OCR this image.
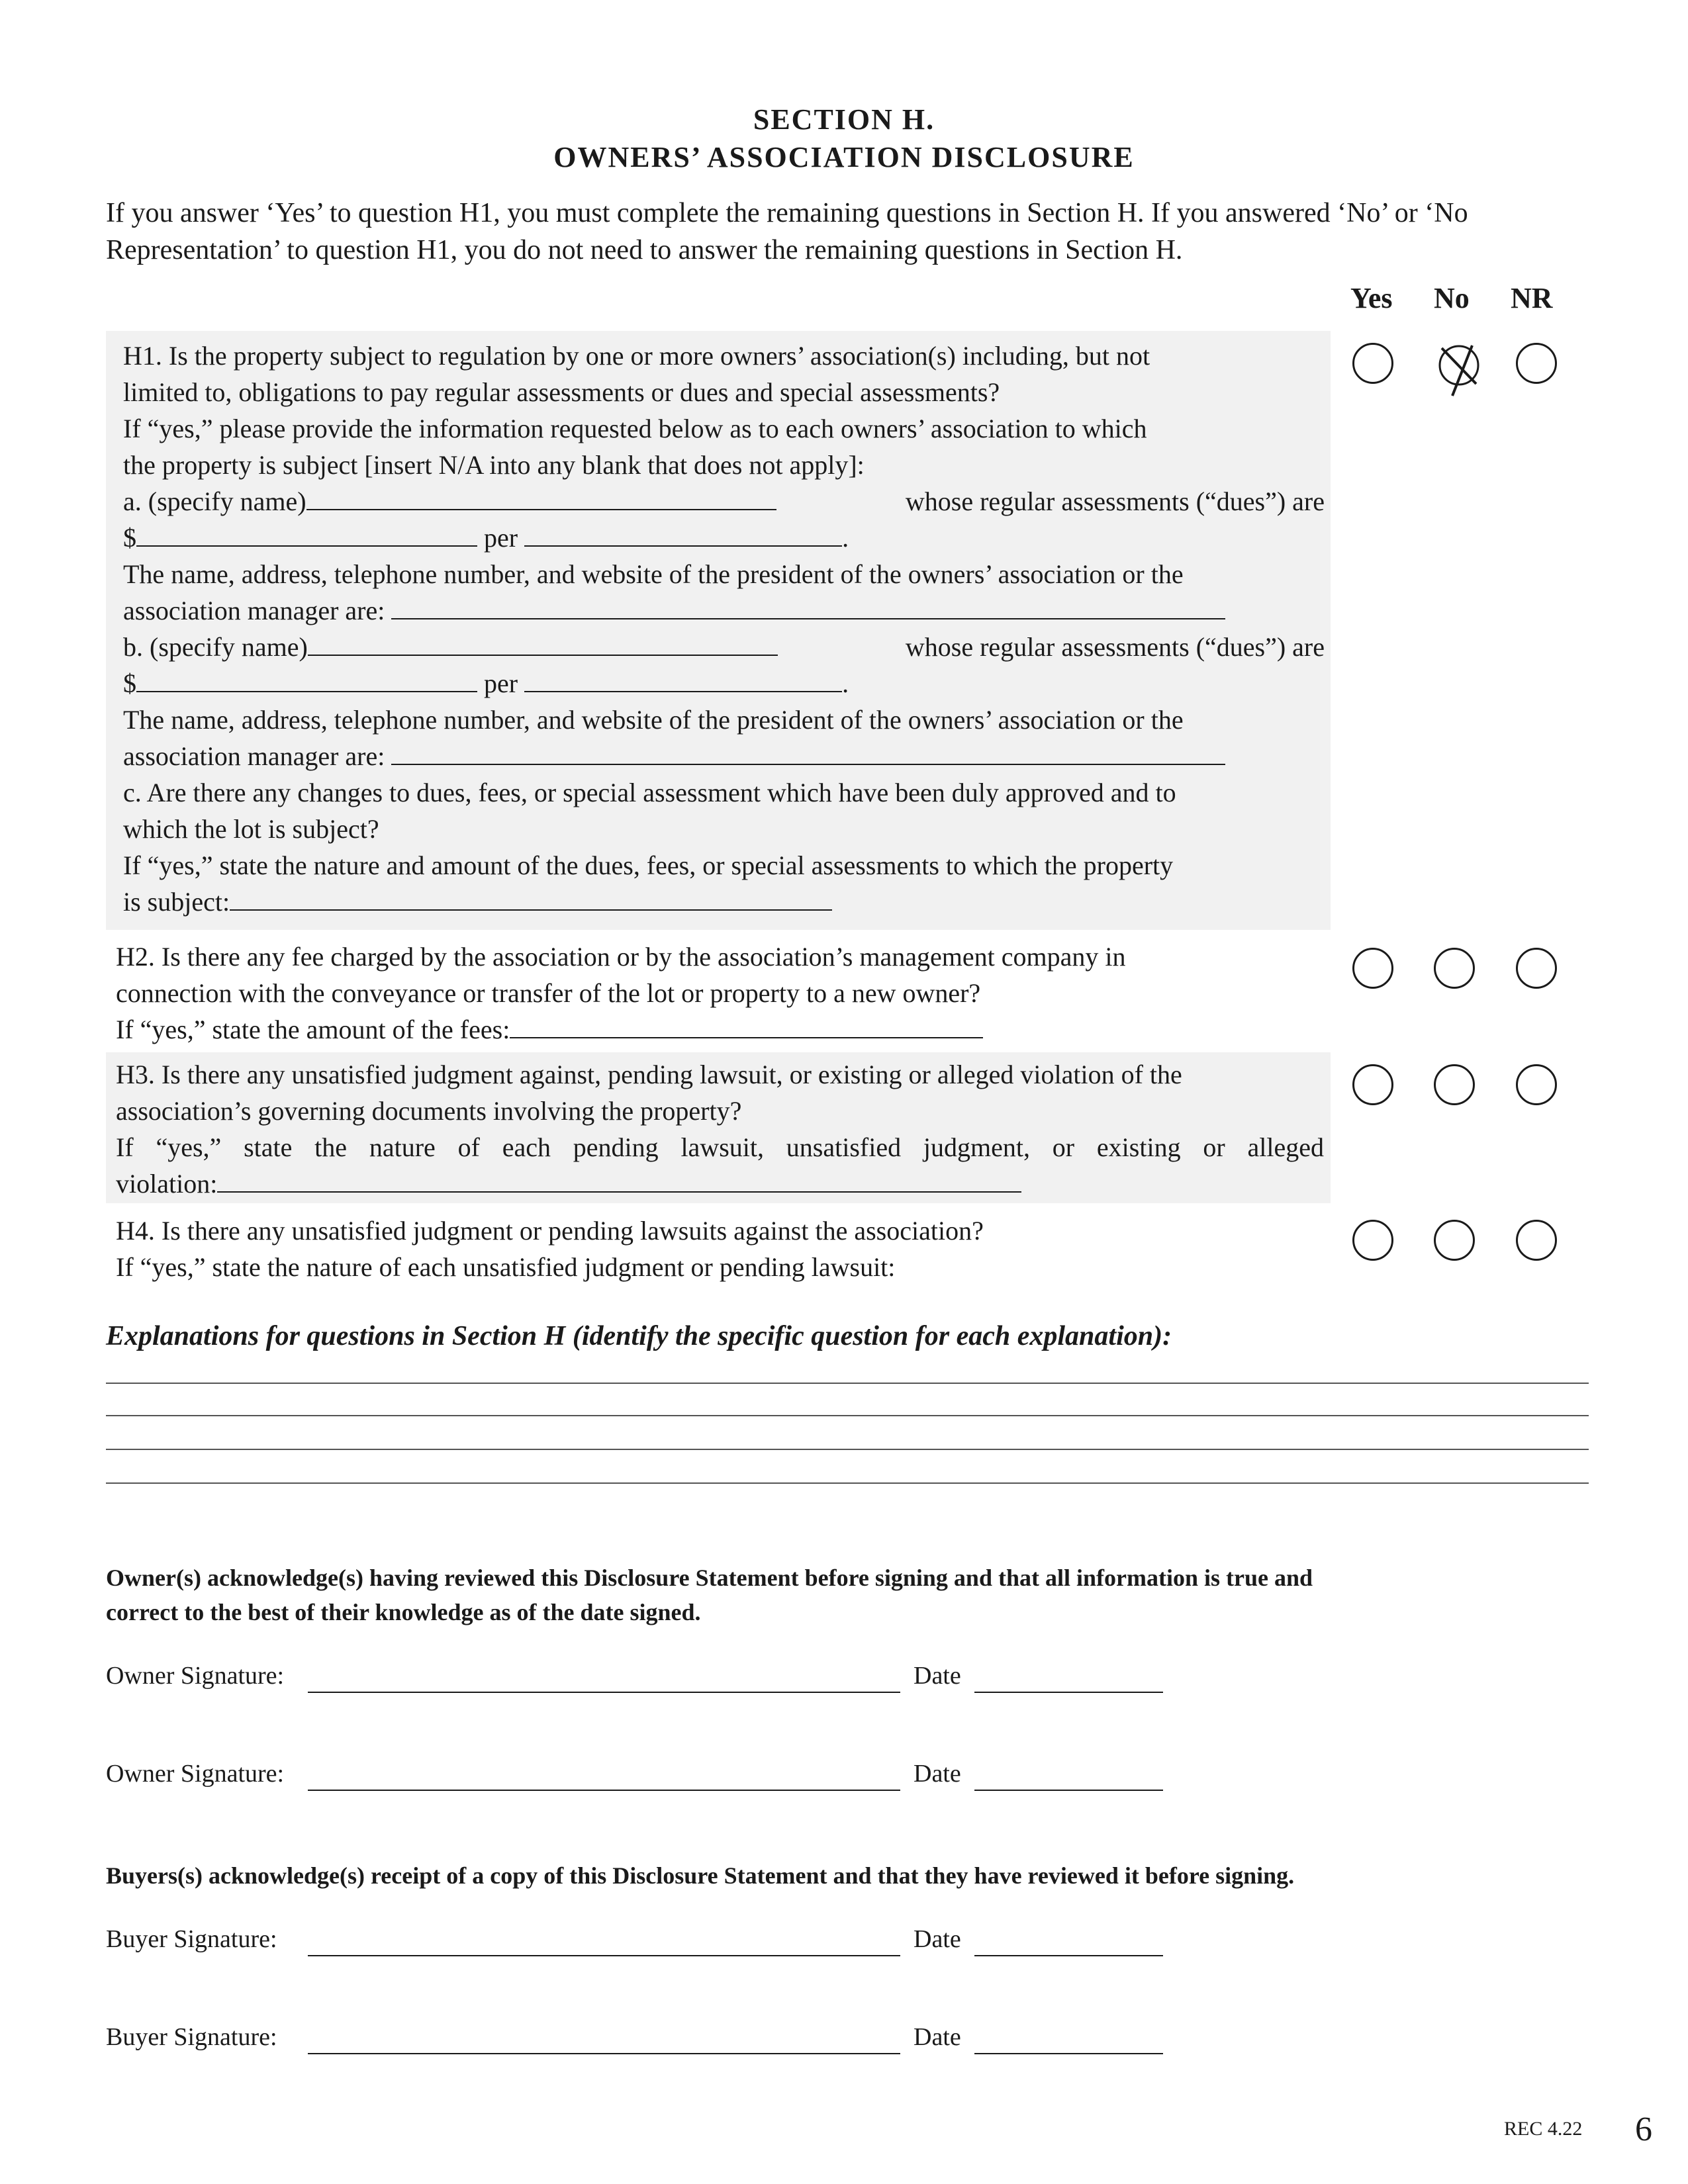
SECTION H.
OWNERS’ ASSOCIATION DISCLOSURE
If you answer ‘Yes’ to question H1, you must complete the remaining questions in Section H. If you answered ‘No’ or ‘No
Representation’ to question H1, you do not need to answer the remaining questions in Section H.
Yes No NR

H1. Is the property subject to regulation by one or more owners’ association(s) including, but not

limited to, obligations to pay regular assessments or dues and special assessments?

If “yes,” please provide the information requested below as to each owners’ association to which

the property is subject [insert N/A into any blank that does not apply]:

a. (specify name)	whose regular assessments (“dues”) are

$	per	.

The name, address, telephone number, and website of the president of the owners’ association or the

association manager are:

b. (specify name)	whose regular assessments (“dues”) are

$	per	.

The name, address, telephone number, and website of the president of the owners’ association or the

association manager are:

c. Are there any changes to dues, fees, or special assessment which have been duly approved and to

which the lot is subject?

If “yes,” state the nature and amount of the dues, fees, or special assessments to which the property

is subject:

H2. Is there any fee charged by the association or by the association’s management company in

connection with the conveyance or transfer of the lot or property to a new owner?

If “yes,” state the amount of the fees:

H3. Is there any unsatisfied judgment against, pending lawsuit, or existing or alleged violation of the

association’s governing documents involving the property?

If “yes,” state the nature of each pending lawsuit, unsatisfied judgment, or existing or alleged

violation:

H4. Is there any unsatisfied judgment or pending lawsuits against the association?

If “yes,” state the nature of each unsatisfied judgment or pending lawsuit:

Explanations for questions in Section H (identify the specific question for each explanation):
Owner(s) acknowledge(s) having reviewed this Disclosure Statement before signing and that all information is true and
correct to the best of their knowledge as of the date signed.
Owner Signature:	Date
Owner Signature:	Date
Buyers(s) acknowledge(s) receipt of a copy of this Disclosure Statement and that they have reviewed it before signing.
Buyer Signature:	Date
Buyer Signature:	Date
REC 4.22 6
